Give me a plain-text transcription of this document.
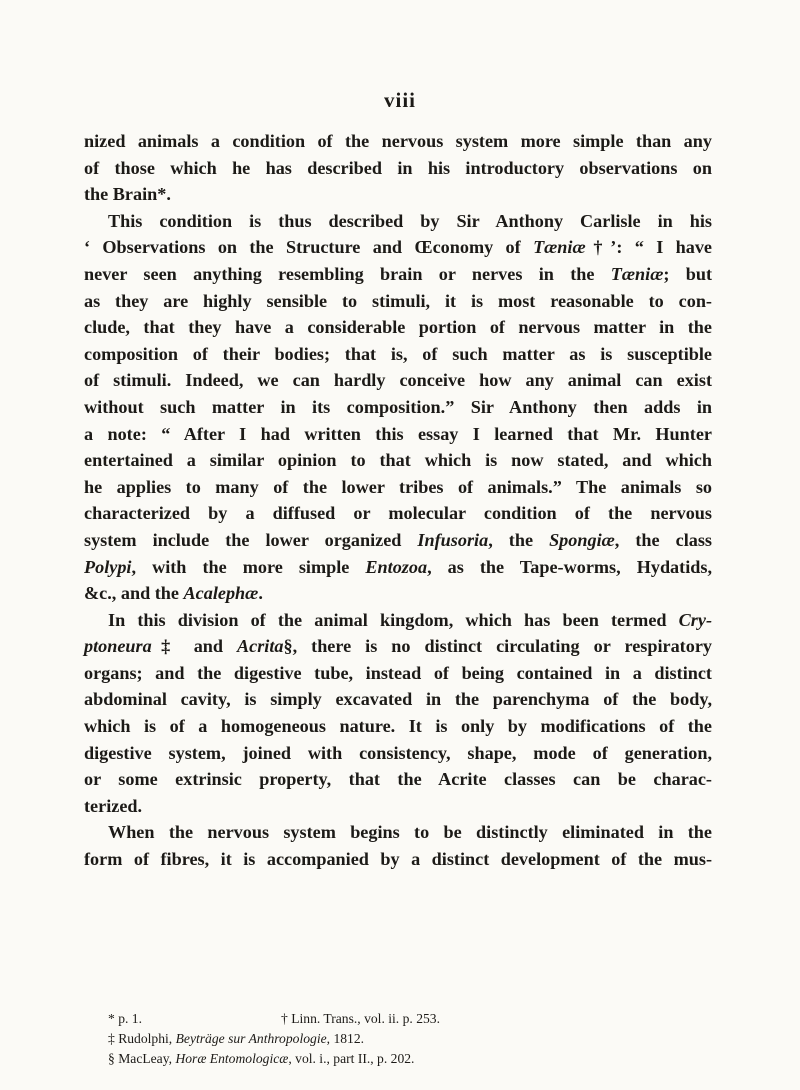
viii
nized animals a condition of the nervous system more simple than any
of those which he has described in his introductory observations on
the Brain*.
This condition is thus described by Sir Anthony Carlisle in his
‘ Observations on the Structure and Œconomy of Tæniæ†’: “ I have
never seen anything resembling brain or nerves in the Tæniæ; but
as they are highly sensible to stimuli, it is most reasonable to con-
clude, that they have a considerable portion of nervous matter in the
composition of their bodies; that is, of such matter as is susceptible
of stimuli. Indeed, we can hardly conceive how any animal can exist
without such matter in its composition.” Sir Anthony then adds in
a note: “ After I had written this essay I learned that Mr. Hunter
entertained a similar opinion to that which is now stated, and which
he applies to many of the lower tribes of animals.” The animals so
characterized by a diffused or molecular condition of the nervous
system include the lower organized Infusoria, the Spongiæ, the class
Polypi, with the more simple Entozoa, as the Tape-worms, Hydatids,
&c., and the Acalephæ.
In this division of the animal kingdom, which has been termed Cry-
ptoneura‡ and Acrita§, there is no distinct circulating or respiratory
organs; and the digestive tube, instead of being contained in a distinct
abdominal cavity, is simply excavated in the parenchyma of the body,
which is of a homogeneous nature. It is only by modifications of the
digestive system, joined with consistency, shape, mode of generation,
or some extrinsic property, that the Acrite classes can be charac-
terized.
When the nervous system begins to be distinctly eliminated in the
form of fibres, it is accompanied by a distinct development of the mus-
* p. 1.	† Linn. Trans., vol. ii. p. 253.
‡ Rudolphi, Beyträge sur Anthropologie, 1812.
§ MacLeay, Horæ Entomologicæ, vol. i., part II., p. 202.
